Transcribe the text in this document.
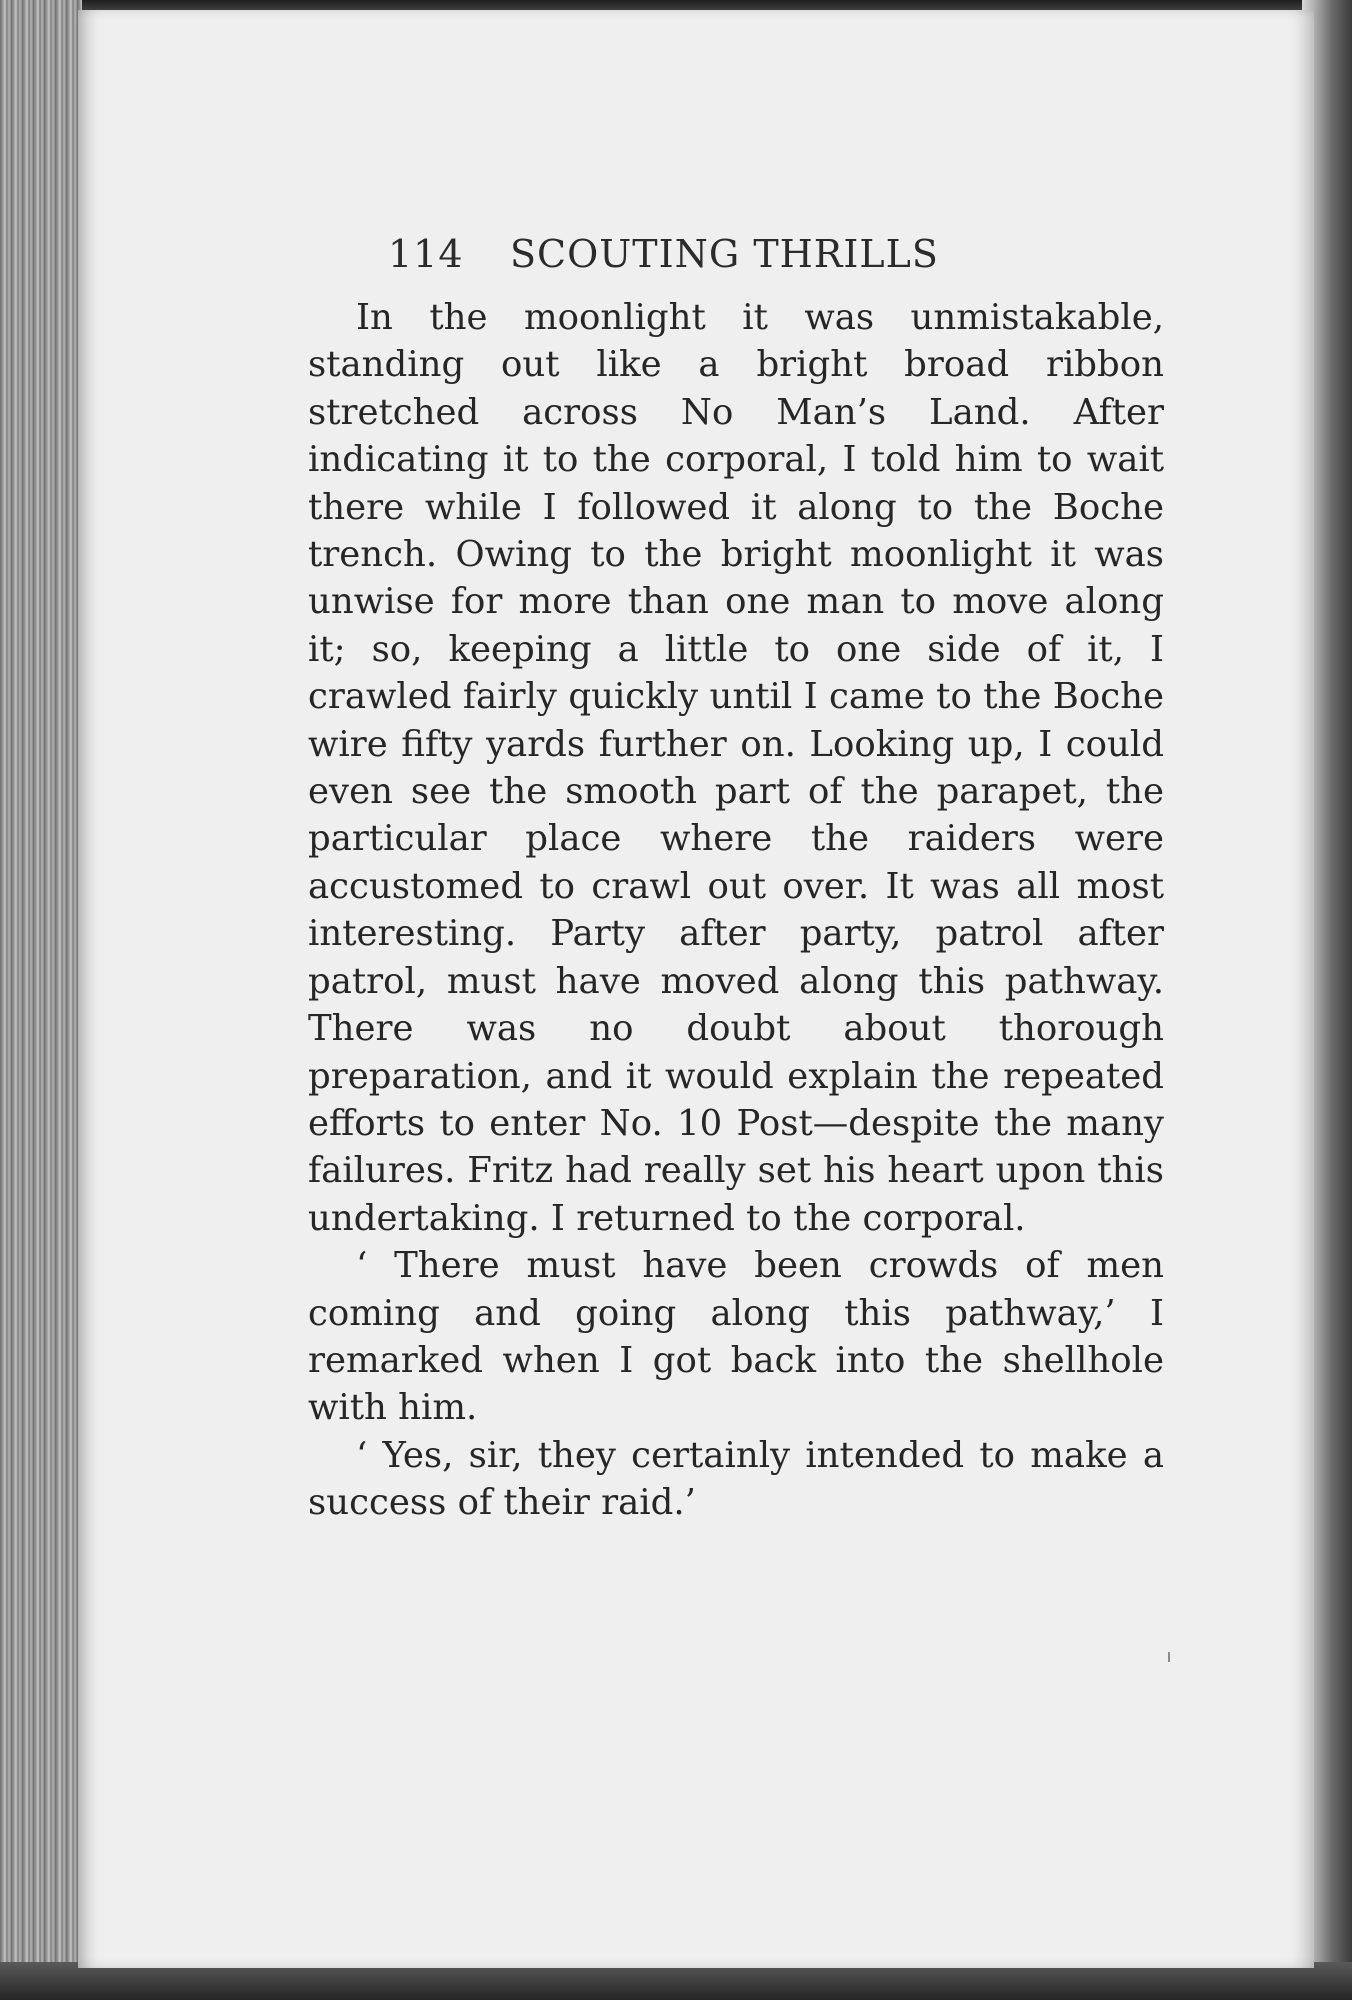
114 SCOUTING THRILLS

In the moonlight it was unmistakable, standing out like a bright broad ribbon stretched across No Man’s Land. After indicating it to the corporal, I told him to wait there while I followed it along to the Boche trench. Owing to the bright moonlight it was unwise for more than one man to move along it; so, keeping a little to one side of it, I crawled fairly quickly until I came to the Boche wire fifty yards further on. Looking up, I could even see the smooth part of the parapet, the particular place where the raiders were accustomed to crawl out over. It was all most interesting. Party after party, patrol after patrol, must have moved along this pathway. There was no doubt about thorough preparation, and it would explain the repeated efforts to enter No. 10 Post—despite the many failures. Fritz had really set his heart upon this undertaking. I returned to the corporal.

‘ There must have been crowds of men coming and going along this pathway,’ I remarked when I got back into the shellhole with him.

‘ Yes, sir, they certainly intended to make a success of their raid.’
